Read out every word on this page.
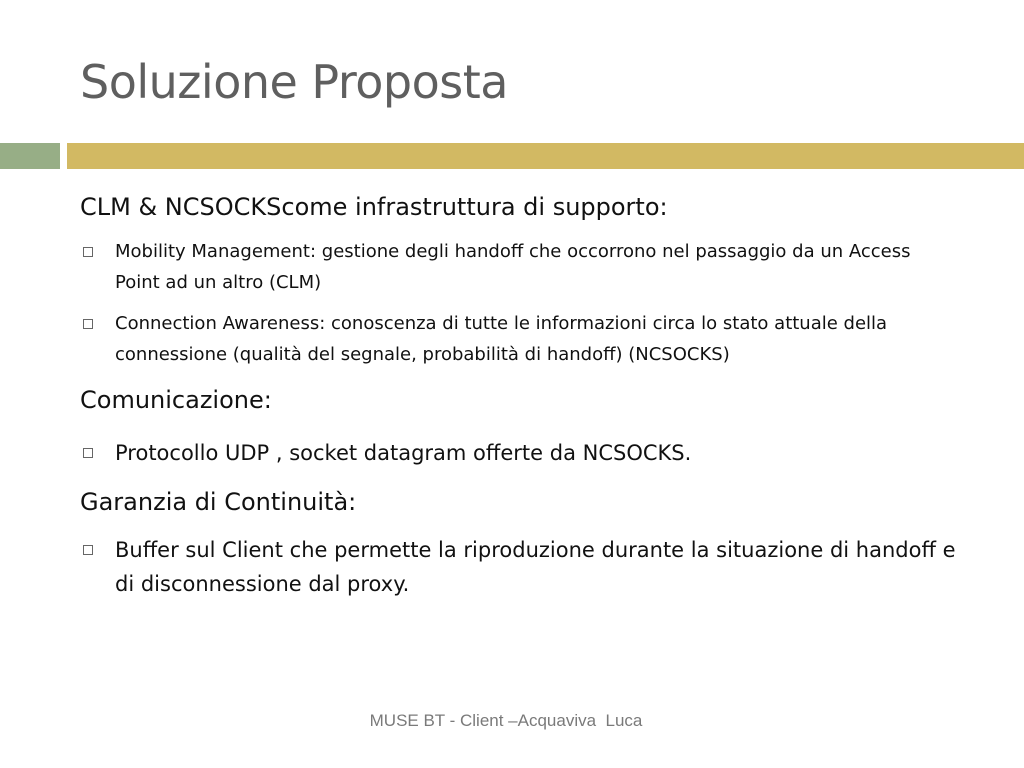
Soluzione Proposta

CLM & NCSOCKScome infrastruttura di supporto:

Mobility Management: gestione degli handoff che occorrono nel passaggio da un Access Point ad un altro (CLM)
Connection Awareness: conoscenza di tutte le informazioni circa lo stato attuale della connessione (qualità del segnale, probabilità di handoff) (NCSOCKS)

Comunicazione:

Protocollo UDP , socket datagram offerte da NCSOCKS.

Garanzia di Continuità:

Buffer sul Client che permette la riproduzione durante la situazione di handoff e di disconnessione dal proxy.
MUSE BT - Client –Acquaviva  Luca
